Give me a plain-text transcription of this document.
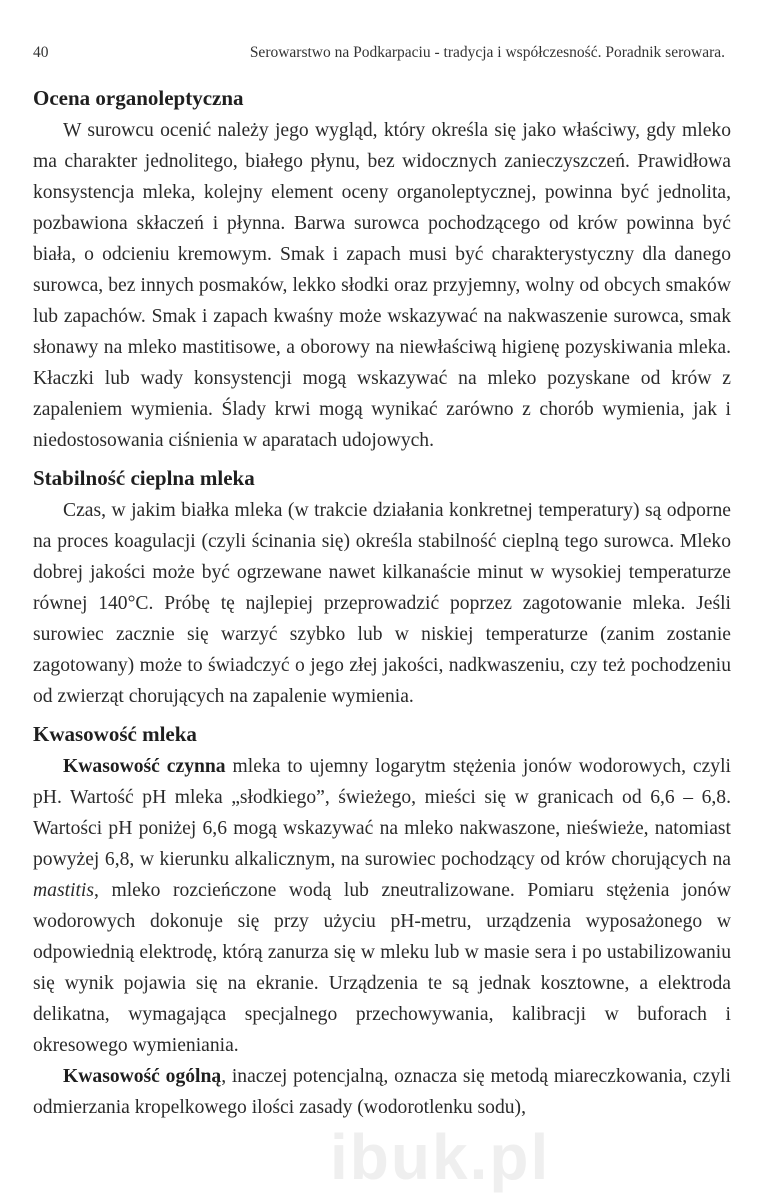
40	Serowarstwo na Podkarpaciu - tradycja i współczesność. Poradnik serowara.
Ocena organoleptyczna

W surowcu ocenić należy jego wygląd, który określa się jako właściwy, gdy mleko ma charakter jednolitego, białego płynu, bez widocznych zanieczyszczeń. Prawidłowa konsystencja mleka, kolejny element oceny organoleptycznej, powinna być jednolita, pozbawiona skłaczeń i płynna. Barwa surowca pochodzącego od krów powinna być biała, o odcieniu kremowym. Smak i zapach musi być charakterystyczny dla danego surowca, bez innych posmaków, lekko słodki oraz przyjemny, wolny od obcych smaków lub zapachów. Smak i zapach kwaśny może wskazywać na nakwaszenie surowca, smak słonawy na mleko mastitisowe, a oborowy na niewłaściwą higienę pozyskiwania mleka. Kłaczki lub wady konsystencji mogą wskazywać na mleko pozyskane od krów z zapaleniem wymienia. Ślady krwi mogą wynikać zarówno z chorób wymienia, jak i niedostosowania ciśnienia w aparatach udojowych.

Stabilność cieplna mleka

Czas, w jakim białka mleka (w trakcie działania konkretnej temperatury) są odporne na proces koagulacji (czyli ścinania się) określa stabilność cieplną tego surowca. Mleko dobrej jakości może być ogrzewane nawet kilkanaście minut w wysokiej temperaturze równej 140°C. Próbę tę najlepiej przeprowadzić poprzez zagotowanie mleka. Jeśli surowiec zacznie się warzyć szybko lub w niskiej temperaturze (zanim zostanie zagotowany) może to świadczyć o jego złej jakości, nadkwaszeniu, czy też pochodzeniu od zwierząt chorujących na zapalenie wymienia.

Kwasowość mleka

Kwasowość czynna mleka to ujemny logarytm stężenia jonów wodorowych, czyli pH. Wartość pH mleka „słodkiego”, świeżego, mieści się w granicach od 6,6 – 6,8. Wartości pH poniżej 6,6 mogą wskazywać na mleko nakwaszone, nieświeże, natomiast powyżej 6,8, w kierunku alkalicznym, na surowiec pochodzący od krów chorujących na mastitis, mleko rozcieńczone wodą lub zneutralizowane. Pomiaru stężenia jonów wodorowych dokonuje się przy użyciu pH-metru, urządzenia wyposażonego w odpowiednią elektrodę, którą zanurza się w mleku lub w masie sera i po ustabilizowaniu się wynik pojawia się na ekranie. Urządzenia te są jednak kosztowne, a elektroda delikatna, wymagająca specjalnego przechowywania, kalibracji w buforach i okresowego wymieniania.

Kwasowość ogólną, inaczej potencjalną, oznacza się metodą miareczkowania, czyli odmierzania kropelkowego ilości zasady (wodorotlenku sodu),

ibuk.pl
